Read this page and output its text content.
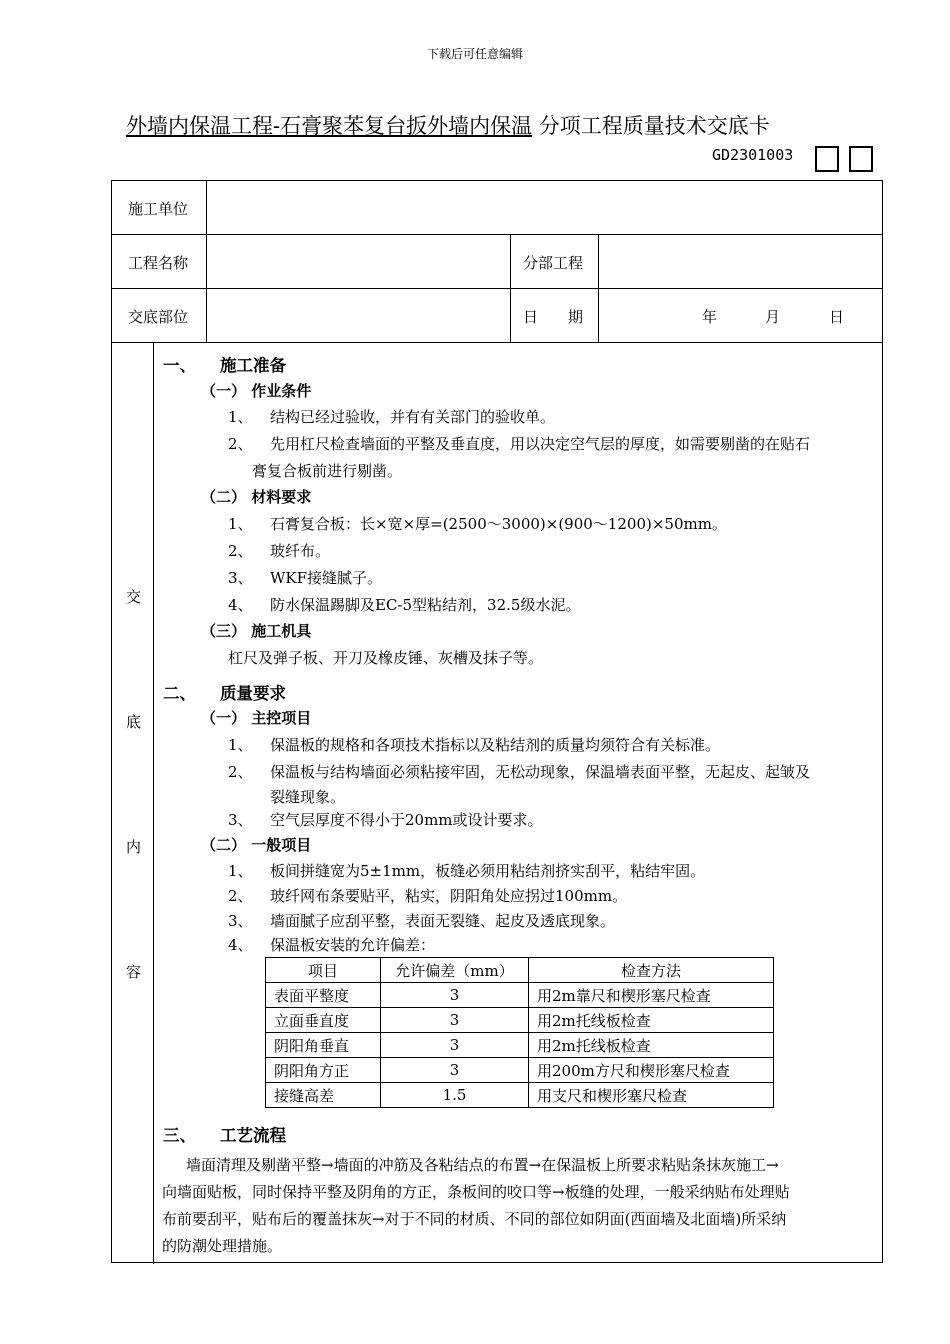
下载后可任意编辑
外墙内保温工程-石膏聚苯复台扳外墙内保温 分项工程质量技术交底卡
GD2301003
施工单位
工程名称	分部工程
交底部位	日　　期	年	月	日
交
底
内
容
一、 施工准备
（一） 作业条件
1、 结构已经过验收，并有有关部门的验收单。
2、 先用杠尺检查墙面的平整及垂直度，用以决定空气层的厚度，如需要剔凿的在贴石
膏复合板前进行剔凿。
（二） 材料要求
1、 石膏复合板：长×宽×厚=(2500～3000)×(900～1200)×50mm。
2、 玻纤布。
3、 WKF接缝腻子。
4、 防水保温踢脚及EC-5型粘结剂，32.5级水泥。
（三） 施工机具
杠尺及弹子板、开刀及橡皮锤、灰槽及抹子等。
二、 质量要求
（一） 主控项目
1、 保温板的规格和各项技术指标以及粘结剂的质量均须符合有关标准。
2、 保温板与结构墙面必须粘接牢固，无松动现象，保温墙表面平整，无起皮、起皱及
裂缝现象。
3、 空气层厚度不得小于20mm或设计要求。
（二） 一般项目
1、 板间拼缝宽为5±1mm，板缝必须用粘结剂挤实刮平，粘结牢固。
2、 玻纤网布条要贴平，粘实，阴阳角处应拐过100mm。
3、 墙面腻子应刮平整，表面无裂缝、起皮及透底现象。
4、 保温板安装的允许偏差：
项目	允许偏差（mm）	检查方法
表面平整度	3	用2m靠尺和楔形塞尺检查
立面垂直度	3	用2m托线板检查
阴阳角垂直	3	用2m托线板检查
阴阳角方正	3	用200m方尺和楔形塞尺检查
接缝高差	1.5	用支尺和楔形塞尺检查
三、 工艺流程
墙面清理及剔凿平整→墙面的冲筋及各粘结点的布置→在保温板上所要求粘贴条抹灰施工→
向墙面贴板，同时保持平整及阴角的方正，条板间的咬口等→板缝的处理，一般采纳贴布处理贴
布前要刮平，贴布后的覆盖抹灰→对于不同的材质、不同的部位如阴面(西面墙及北面墙)所采纳
的防潮处理措施。
